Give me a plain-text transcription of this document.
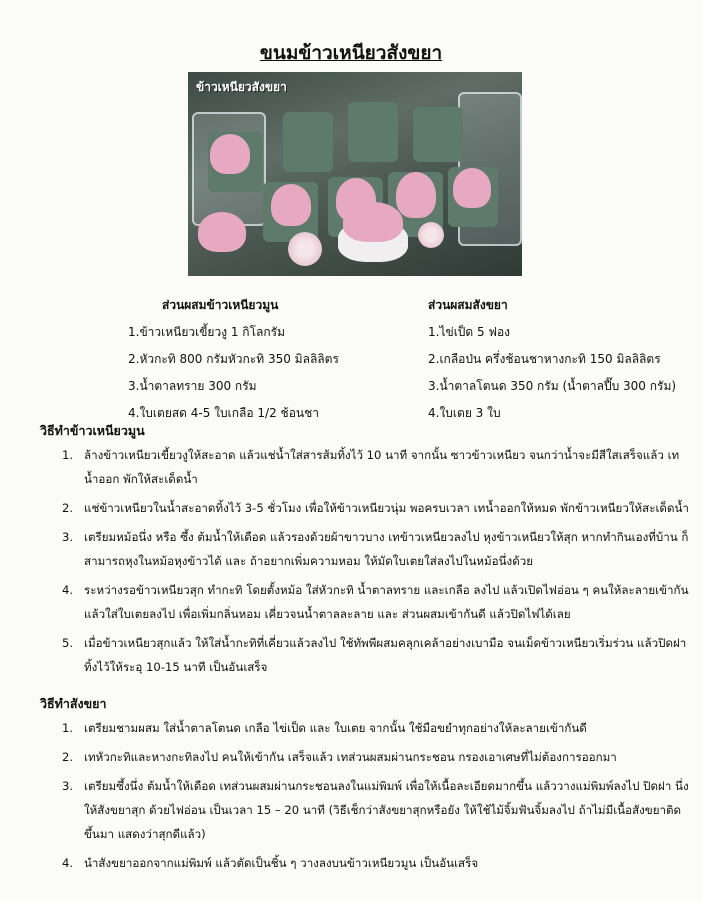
ขนมข้าวเหนียวสังขยา
ข้าวเหนียวสังขยา
ส่วนผสมข้าวเหนียวมูน
1.ข้าวเหนียวเขี้ยวงู 1 กิโลกรัม
2.หัวกะทิ 800 กรัมหัวกะทิ 350 มิลลิลิตร
3.น้ำตาลทราย 300 กรัม
4.ใบเตยสด 4-5 ใบเกลือ 1/2 ช้อนชา
ส่วนผสมสังขยา
1.ไข่เป็ด 5 ฟอง
2.เกลือป่น ครึ่งช้อนชาหางกะทิ 150 มิลลิลิตร
3.น้ำตาลโตนด 350 กรัม (น้ำตาลปี๊บ 300 กรัม)
4.ใบเตย 3 ใบ
วิธีทำข้าวเหนียวมูน
1. ล้างข้าวเหนียวเขี้ยวงูให้สะอาด แล้วแช่น้ำใส่สารส้มทิ้งไว้ 10 นาที จากนั้น ซาวข้าวเหนียว จนกว่าน้ำจะมีสีใสเสร็จแล้ว เทน้ำออก พักให้สะเด็ดน้ำ
2. แช่ข้าวเหนียวในน้ำสะอาดทิ้งไว้ 3-5 ชั่วโมง เพื่อให้ข้าวเหนียวนุ่ม พอครบเวลา เทน้ำออกให้หมด พักข้าวเหนียวให้สะเด็ดน้ำ
3. เตรียมหม้อนึ่ง หรือ ซึ้ง ต้มน้ำให้เดือด แล้วรองด้วยผ้าขาวบาง เทข้าวเหนียวลงไป หุงข้าวเหนียวให้สุก หากทำกินเองที่บ้าน ก็สามารถหุงในหม้อหุงข้าวได้ และ ถ้าอยากเพิ่มความหอม ให้มัดใบเตยใส่ลงไปในหม้อนึ่งด้วย
4. ระหว่างรอข้าวเหนียวสุก ทำกะทิ โดยตั้งหม้อ ใส่หัวกะทิ น้ำตาลทราย และเกลือ ลงไป แล้วเปิดไฟอ่อน ๆ คนให้ละลายเข้ากัน แล้วใส่ใบเตยลงไป เพื่อเพิ่มกลิ่นหอม เคี่ยวจนน้ำตาลละลาย และ ส่วนผสมเข้ากันดี แล้วปิดไฟได้เลย
5. เมื่อข้าวเหนียวสุกแล้ว ให้ใส่น้ำกะทิที่เคี่ยวแล้วลงไป ใช้ทัพพีผสมคลุกเคล้าอย่างเบามือ จนเม็ดข้าวเหนียวเริ่มร่วน แล้วปิดฝาทิ้งไว้ให้ระอุ 10-15 นาที เป็นอันเสร็จ
วิธีทำสังขยา
1. เตรียมชามผสม ใส่น้ำตาลโตนด เกลือ ไข่เป็ด และ ใบเตย จากนั้น ใช้มือขยำทุกอย่างให้ละลายเข้ากันดี
2. เทหัวกะทิและหางกะทิลงไป คนให้เข้ากัน เสร็จแล้ว เทส่วนผสมผ่านกระชอน กรองเอาเศษที่ไม่ต้องการออกมา
3. เตรียมซึ้งนึ่ง ต้มน้ำให้เดือด เทส่วนผสมผ่านกระชอนลงในแม่พิมพ์ เพื่อให้เนื้อละเอียดมากขึ้น แล้ววางแม่พิมพ์ลงไป ปิดฝา นึ่งให้สังขยาสุก ด้วยไฟอ่อน เป็นเวลา 15 – 20 นาที (วิธีเช็กว่าสังขยาสุกหรือยัง ให้ใช้ไม้จิ้มฟันจิ้มลงไป ถ้าไม่มีเนื้อสังขยาติดขึ้นมา แสดงว่าสุกดีแล้ว)
4. นำสังขยาออกจากแม่พิมพ์ แล้วตัดเป็นชิ้น ๆ วางลงบนข้าวเหนียวมูน เป็นอันเสร็จ
